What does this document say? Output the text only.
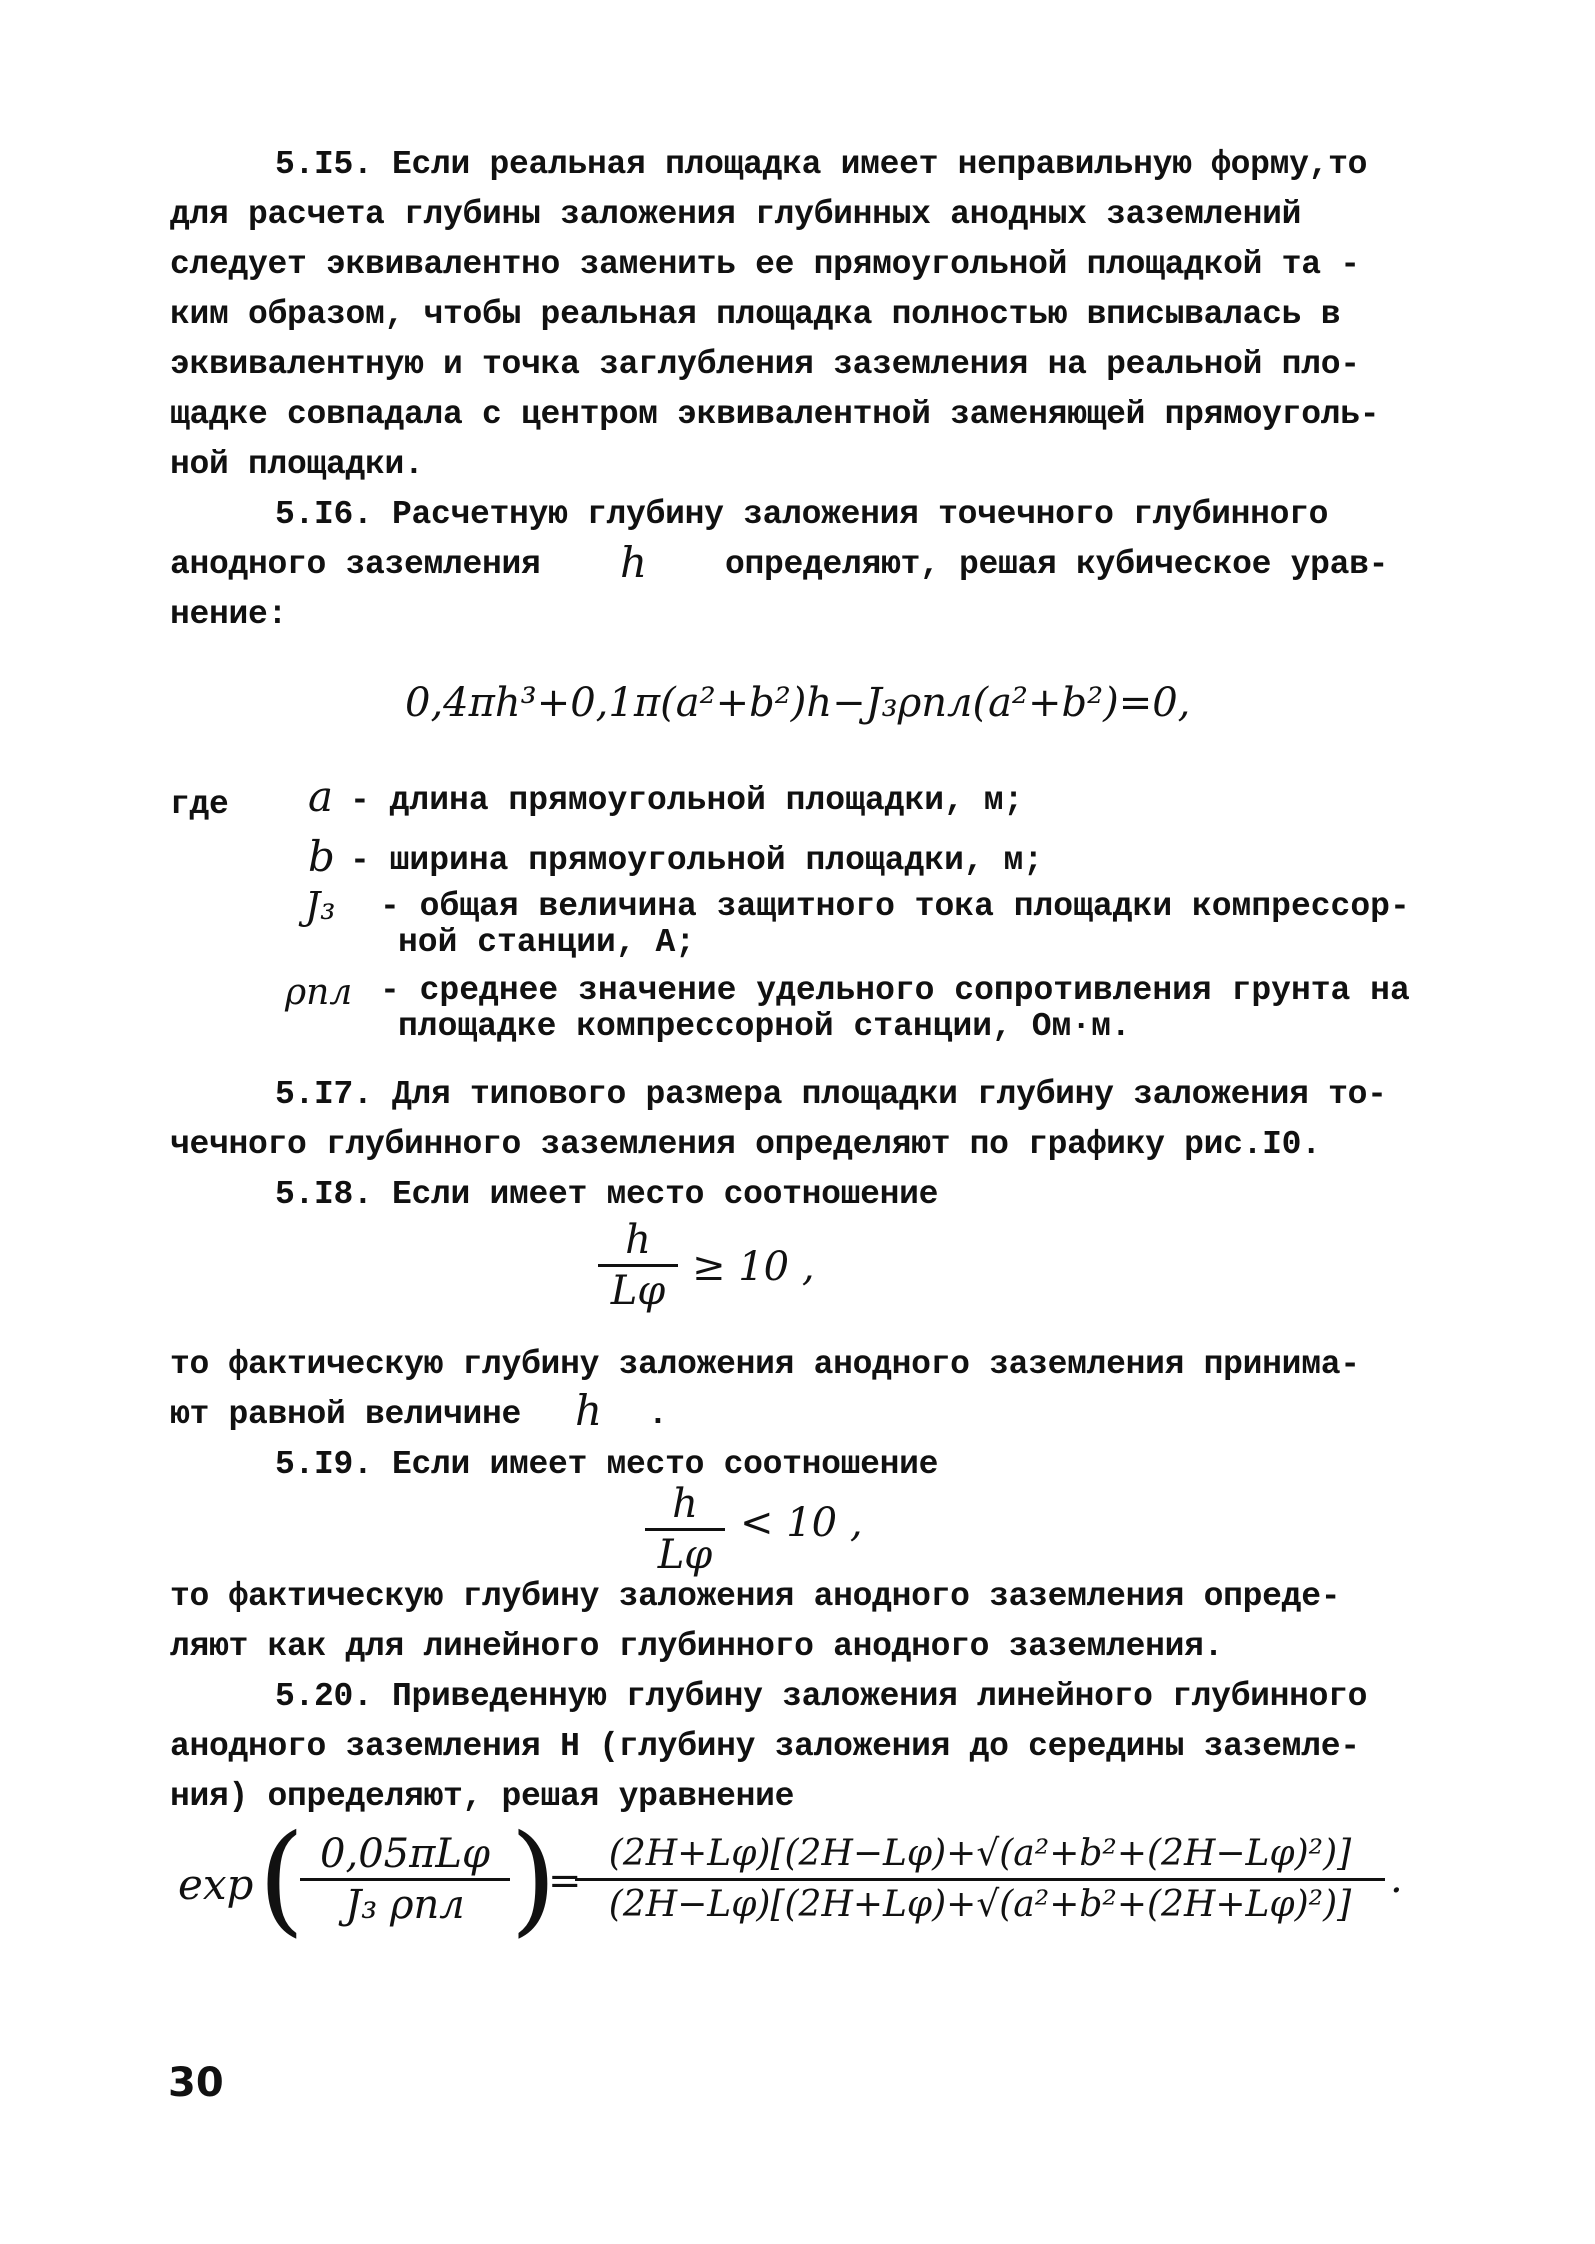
5.I5. Если реальная площадка имеет неправильную форму,то
для расчета глубины заложения глубинных анодных заземлений
следует эквивалентно заменить ее прямоугольной площадкой та -
ким образом, чтобы реальная площадка полностью вписывалась в
эквивалентную и точка заглубления заземления на реальной пло-
щадке совпадала с центром эквивалентной заменяющей прямоуголь-
ной площадки.
5.I6. Расчетную глубину заложения точечного глубинного
анодного заземления	h определяют, решая кубическое урав-
нение:
0,4πh³+0,1π(a²+b²)h−J₃ρпл(a²+b²)=0,
где	a - длина прямоугольной площадки, м;
b - ширина прямоугольной площадки, м;
J₃ - общая величина защитного тока площадки компрессор-
ной станции, А;
ρпл - среднее значение удельного сопротивления грунта на
площадке компрессорной станции, Ом·м.
5.I7. Для типового размера площадки глубину заложения то-
чечного глубинного заземления определяют по графику рис.I0.
5.I8. Если имеет место соотношение
h
Lφ
≥ 10 ,
то фактическую глубину заложения анодного заземления принима-
ют равной величине	h .
5.I9. Если имеет место соотношение
h
Lφ
< 10 ,
то фактическую глубину заложения анодного заземления опреде-
ляют как для линейного глубинного анодного заземления.
5.20. Приведенную глубину заложения линейного глубинного
анодного заземления Н (глубину заложения до середины заземле-
ния) определяют, решая уравнение
exp ( 0,05πLφ
J₃ ρпл )
=
(2H+Lφ)[(2H−Lφ)+√(a²+b²+(2H−Lφ)²)]
(2H−Lφ)[(2H+Lφ)+√(a²+b²+(2H+Lφ)²)]
.
30
